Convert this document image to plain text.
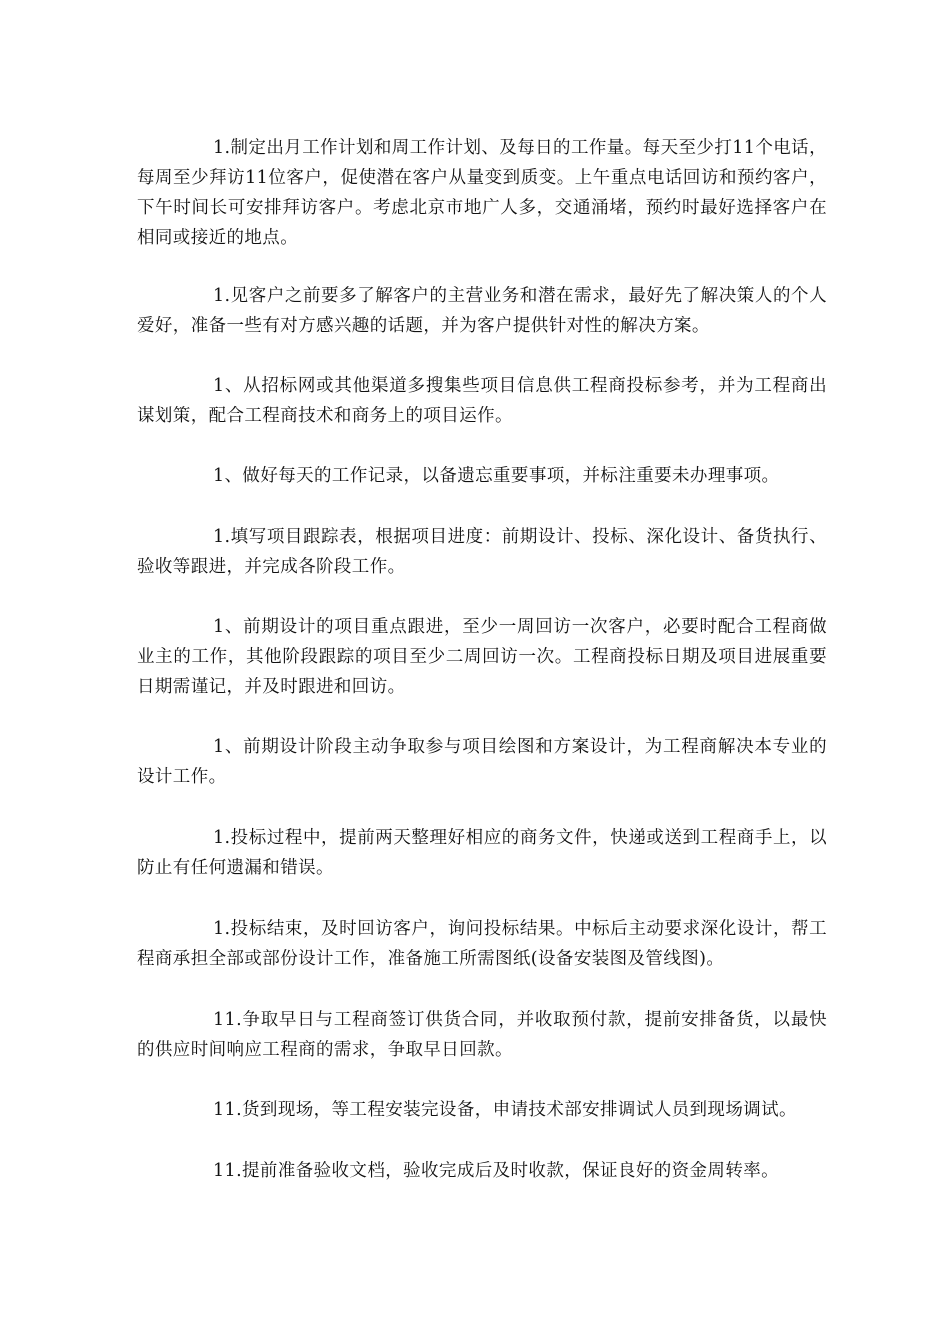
1.制定出月工作计划和周工作计划、及每日的工作量。每天至少打11个电话，每周至少拜访11位客户，促使潜在客户从量变到质变。上午重点电话回访和预约客户，下午时间长可安排拜访客户。考虑北京市地广人多，交通涌堵，预约时最好选择客户在相同或接近的地点。

1.见客户之前要多了解客户的主营业务和潜在需求，最好先了解决策人的个人爱好，准备一些有对方感兴趣的话题，并为客户提供针对性的解决方案。

1、从招标网或其他渠道多搜集些项目信息供工程商投标参考，并为工程商出谋划策，配合工程商技术和商务上的项目运作。

1、做好每天的工作记录，以备遗忘重要事项，并标注重要未办理事项。

1.填写项目跟踪表，根据项目进度：前期设计、投标、深化设计、备货执行、验收等跟进，并完成各阶段工作。

1、前期设计的项目重点跟进，至少一周回访一次客户，必要时配合工程商做业主的工作，其他阶段跟踪的项目至少二周回访一次。工程商投标日期及项目进展重要日期需谨记，并及时跟进和回访。

1、前期设计阶段主动争取参与项目绘图和方案设计，为工程商解决本专业的设计工作。

1.投标过程中，提前两天整理好相应的商务文件，快递或送到工程商手上，以防止有任何遗漏和错误。

1.投标结束，及时回访客户，询问投标结果。中标后主动要求深化设计，帮工程商承担全部或部份设计工作，准备施工所需图纸(设备安装图及管线图)。

11.争取早日与工程商签订供货合同，并收取预付款，提前安排备货，以最快的供应时间响应工程商的需求，争取早日回款。

11.货到现场，等工程安装完设备，申请技术部安排调试人员到现场调试。

11.提前准备验收文档，验收完成后及时收款，保证良好的资金周转率。
